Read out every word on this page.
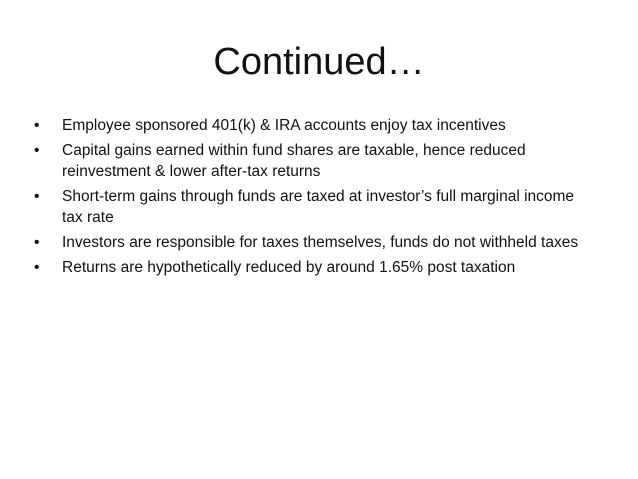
Continued…
•	Employee sponsored 401(k) & IRA accounts enjoy tax incentives
•	Capital gains earned within fund shares are taxable, hence reduced reinvestment & lower after-tax returns
•	Short-term gains through funds are taxed at investor’s full marginal income tax rate
•	Investors are responsible for taxes themselves, funds do not withheld taxes
•	Returns are hypothetically reduced by around 1.65% post taxation
